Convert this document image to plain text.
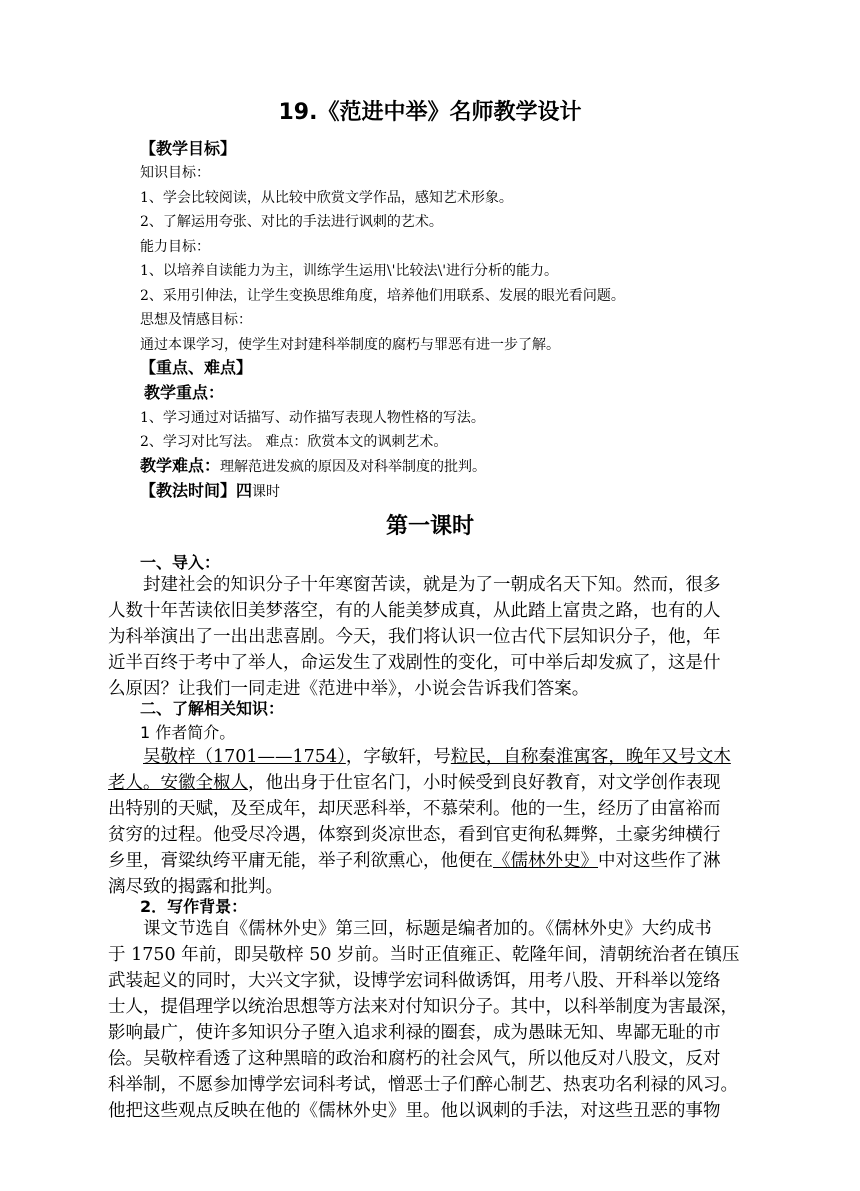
19.《范进中举》名师教学设计
【教学目标】
知识目标：
1、学会比较阅读，从比较中欣赏文学作品，感知艺术形象。
2、了解运用夸张、对比的手法进行讽刺的艺术。
能力目标：
1、以培养自读能力为主，训练学生运用\'比较法\'进行分析的能力。
2、采用引伸法，让学生变换思维角度，培养他们用联系、发展的眼光看问题。
思想及情感目标：
通过本课学习，使学生对封建科举制度的腐朽与罪恶有进一步了解。
【重点、难点】
教学重点：
1、学习通过对话描写、动作描写表现人物性格的写法。
2、学习对比写法。 难点：欣赏本文的讽刺艺术。
教学难点：理解范进发疯的原因及对科举制度的批判。
【教法时间】四课时
第一课时
一、导入：
封建社会的知识分子十年寒窗苦读，就是为了一朝成名天下知。然而，很多
人数十年苦读依旧美梦落空，有的人能美梦成真，从此踏上富贵之路，也有的人
为科举演出了一出出悲喜剧。今天，我们将认识一位古代下层知识分子，他，年
近半百终于考中了举人，命运发生了戏剧性的变化，可中举后却发疯了，这是什
么原因？让我们一同走进《范进中举》，小说会告诉我们答案。
二、了解相关知识：
1 作者简介。
吴敬梓（1701——1754），字敏轩，号粒民，自称秦淮寓客，晚年又号文木
老人。安徽全椒人，他出身于仕宦名门，小时候受到良好教育，对文学创作表现
出特别的天赋，及至成年，却厌恶科举，不慕荣利。他的一生，经历了由富裕而
贫穷的过程。他受尽冷遇，体察到炎凉世态，看到官吏徇私舞弊，土豪劣绅横行
乡里，膏粱纨绔平庸无能，举子利欲熏心，他便在《儒林外史》中对这些作了淋
漓尽致的揭露和批判。
2．写作背景：
课文节选自《儒林外史》第三回，标题是编者加的。《儒林外史》大约成书
于 1750 年前，即吴敬梓 50 岁前。当时正值雍正、乾隆年间，清朝统治者在镇压
武装起义的同时，大兴文字狱，设博学宏词科做诱饵，用考八股、开科举以笼络
士人，提倡理学以统治思想等方法来对付知识分子。其中，以科举制度为害最深，
影响最广，使许多知识分子堕入追求利禄的圈套，成为愚昧无知、卑鄙无耻的市
侩。吴敬梓看透了这种黑暗的政治和腐朽的社会风气，所以他反对八股文，反对
科举制，不愿参加博学宏词科考试，憎恶士子们醉心制艺、热衷功名利禄的风习。
他把这些观点反映在他的《儒林外史》里。他以讽刺的手法，对这些丑恶的事物
